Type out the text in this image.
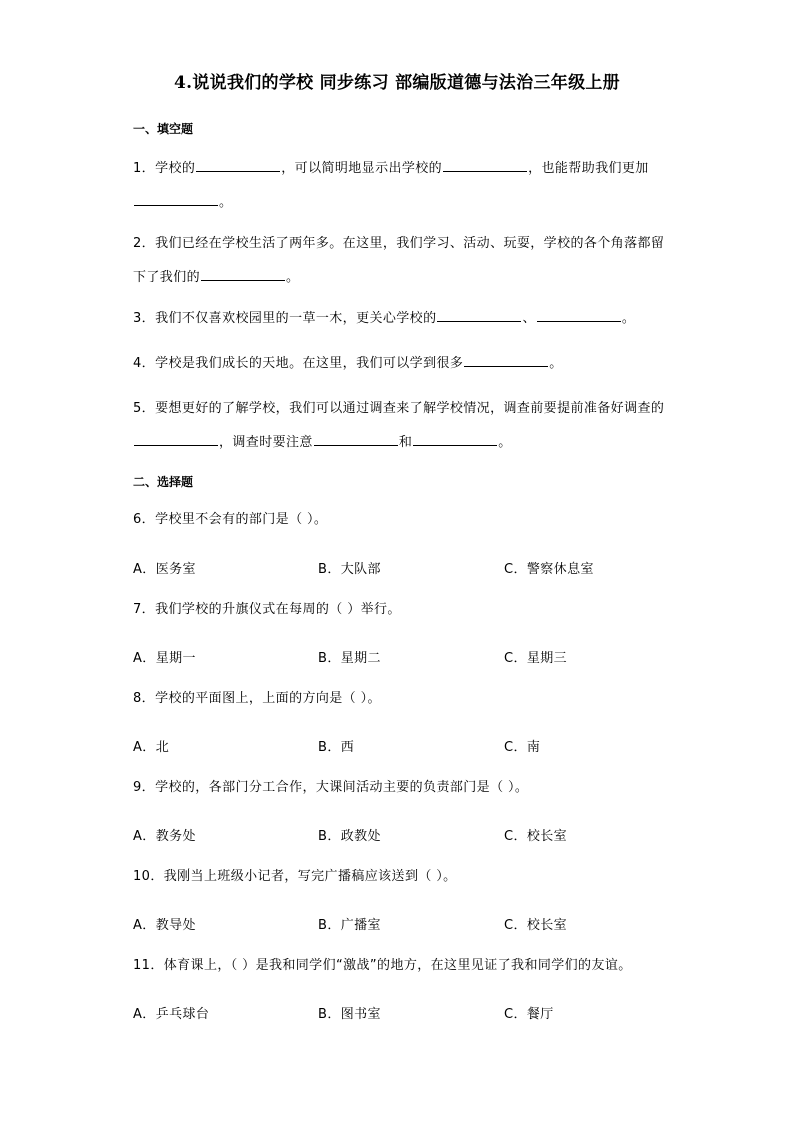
4.说说我们的学校 同步练习 部编版道德与法治三年级上册
一、填空题
1．学校的	，可以简明地显示出学校的	，也能帮助我们更加。
2．我们已经在学校生活了两年多。在这里，我们学习、活动、玩耍，学校的各个角落都留下了我们的	。
3．我们不仅喜欢校园里的一草一木，更关心学校的	、	。
4．学校是我们成长的天地。在这里，我们可以学到很多	。
5．要想更好的了解学校，我们可以通过调查来了解学校情况，调查前要提前准备好调查的，调查时要注意	和	。
二、选择题
6．学校里不会有的部门是（ ）。
A．医务室	B．大队部	C．警察休息室
7．我们学校的升旗仪式在每周的（ ）举行。
A．星期一	B．星期二	C．星期三
8．学校的平面图上，上面的方向是（ ）。
A．北	B．西	C．南
9．学校的，各部门分工合作，大课间活动主要的负责部门是（ ）。
A．教务处	B．政教处	C．校长室
10．我刚当上班级小记者，写完广播稿应该送到（ ）。
A．教导处	B．广播室	C．校长室
11．体育课上，（ ）是我和同学们“激战”的地方，在这里见证了我和同学们的友谊。
A．乒乓球台	B．图书室	C．餐厅
